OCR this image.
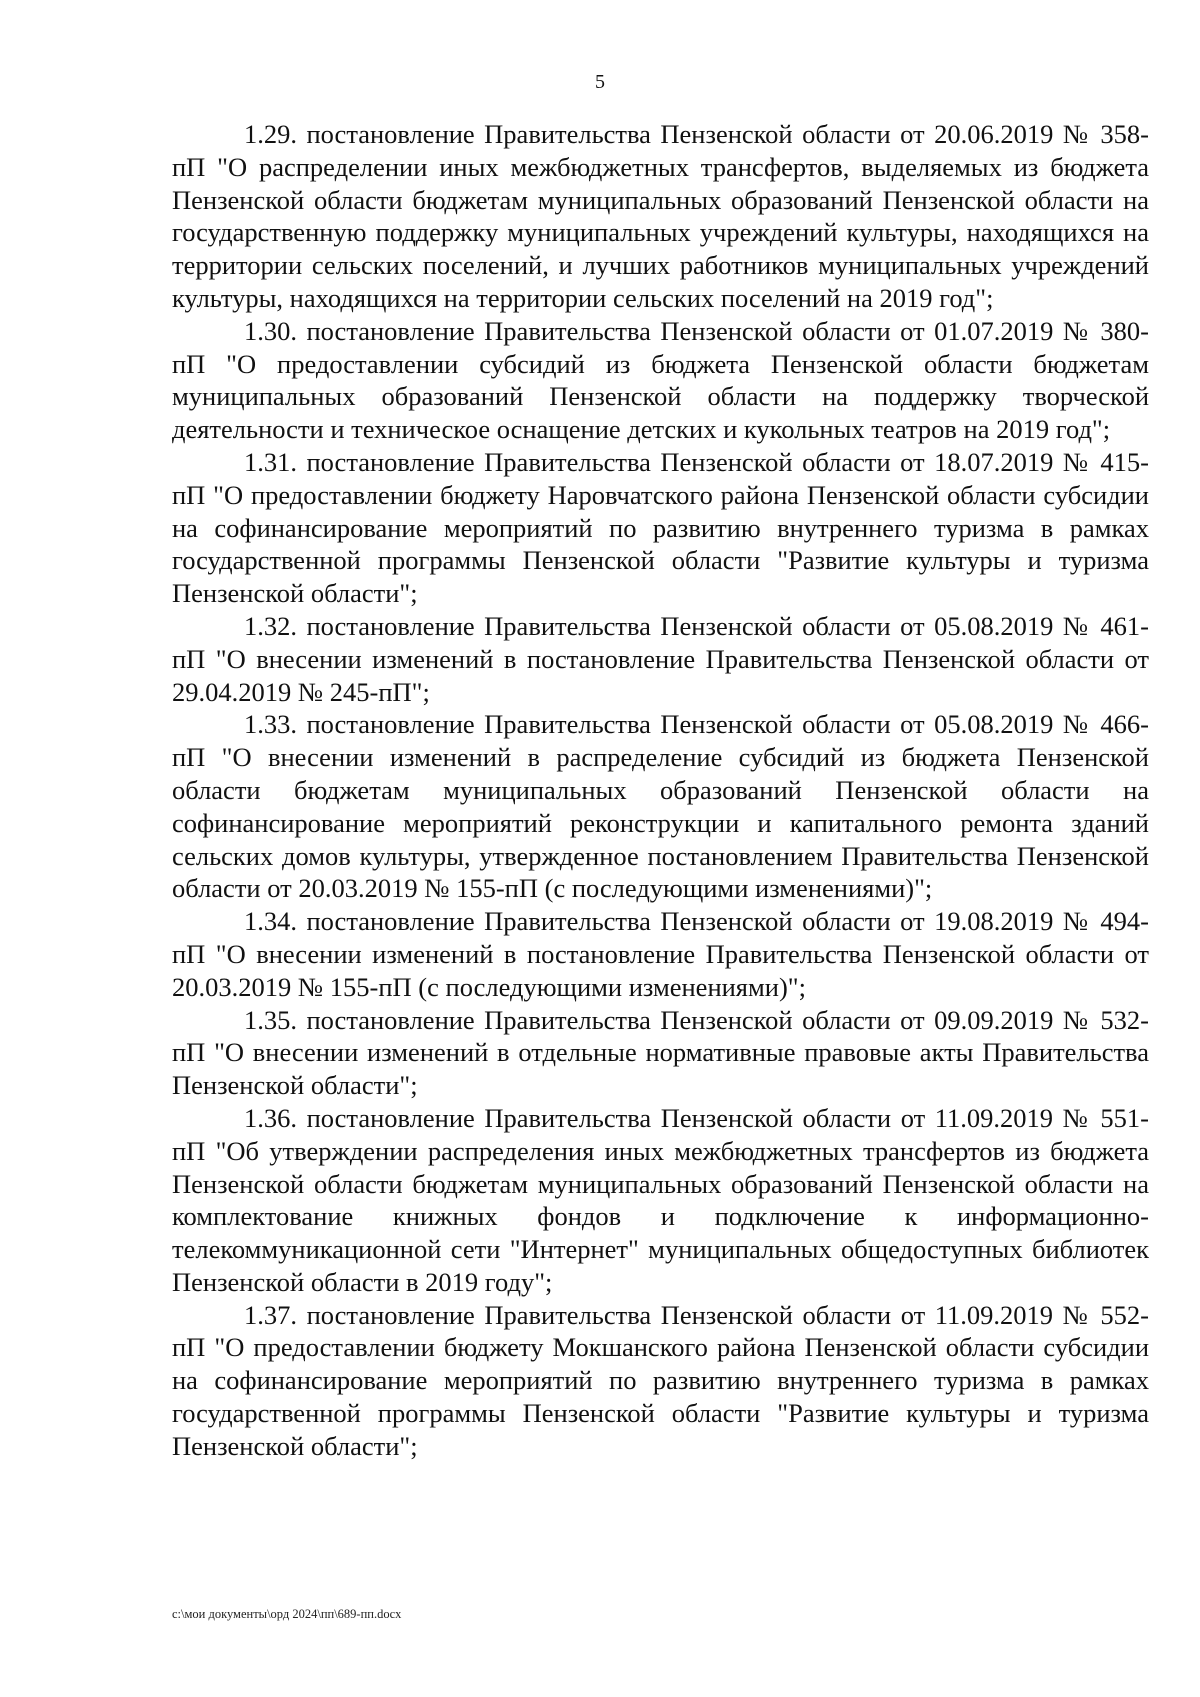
5

1.29. постановление Правительства Пензенской области от 20.06.2019 № 358-пП "О распределении иных межбюджетных трансфертов, выделяемых из бюджета Пензенской области бюджетам муниципальных образований Пензенской области на государственную поддержку муниципальных учреждений культуры, находящихся на территории сельских поселений, и лучших работников муниципальных учреждений культуры, находящихся на территории сельских поселений на 2019 год";

1.30. постановление Правительства Пензенской области от 01.07.2019 № 380-пП "О предоставлении субсидий из бюджета Пензенской области бюджетам муниципальных образований Пензенской области на поддержку творческой деятельности и техническое оснащение детских и кукольных театров на 2019 год";

1.31. постановление Правительства Пензенской области от 18.07.2019 № 415-пП "О предоставлении бюджету Наровчатского района Пензенской области субсидии на софинансирование мероприятий по развитию внутреннего туризма в рамках государственной программы Пензенской области "Развитие культуры и туризма Пензенской области";

1.32. постановление Правительства Пензенской области от 05.08.2019 № 461-пП "О внесении изменений в постановление Правительства Пензенской области от 29.04.2019 № 245-пП";

1.33. постановление Правительства Пензенской области от 05.08.2019 № 466-пП "О внесении изменений в распределение субсидий из бюджета Пензенской области бюджетам муниципальных образований Пензенской области на софинансирование мероприятий реконструкции и капитального ремонта зданий сельских домов культуры, утвержденное постановлением Правительства Пензенской области от 20.03.2019 № 155-пП (с последующими изменениями)";

1.34. постановление Правительства Пензенской области от 19.08.2019 № 494-пП "О внесении изменений в постановление Правительства Пензенской области от 20.03.2019 № 155-пП (с последующими изменениями)";

1.35. постановление Правительства Пензенской области от 09.09.2019 № 532-пП "О внесении изменений в отдельные нормативные правовые акты Правительства Пензенской области";

1.36. постановление Правительства Пензенской области от 11.09.2019 № 551-пП "Об утверждении распределения иных межбюджетных трансфертов из бюджета Пензенской области бюджетам муниципальных образований Пензенской области на комплектование книжных фондов и подключение к информационно-телекоммуникационной сети "Интернет" муниципальных общедоступных библиотек Пензенской области в 2019 году";

1.37. постановление Правительства Пензенской области от 11.09.2019 № 552-пП "О предоставлении бюджету Мокшанского района Пензенской области субсидии на софинансирование мероприятий по развитию внутреннего туризма в рамках государственной программы Пензенской области "Развитие культуры и туризма Пензенской области";

c:\мои документы\орд 2024\пп\689-пп.docx
